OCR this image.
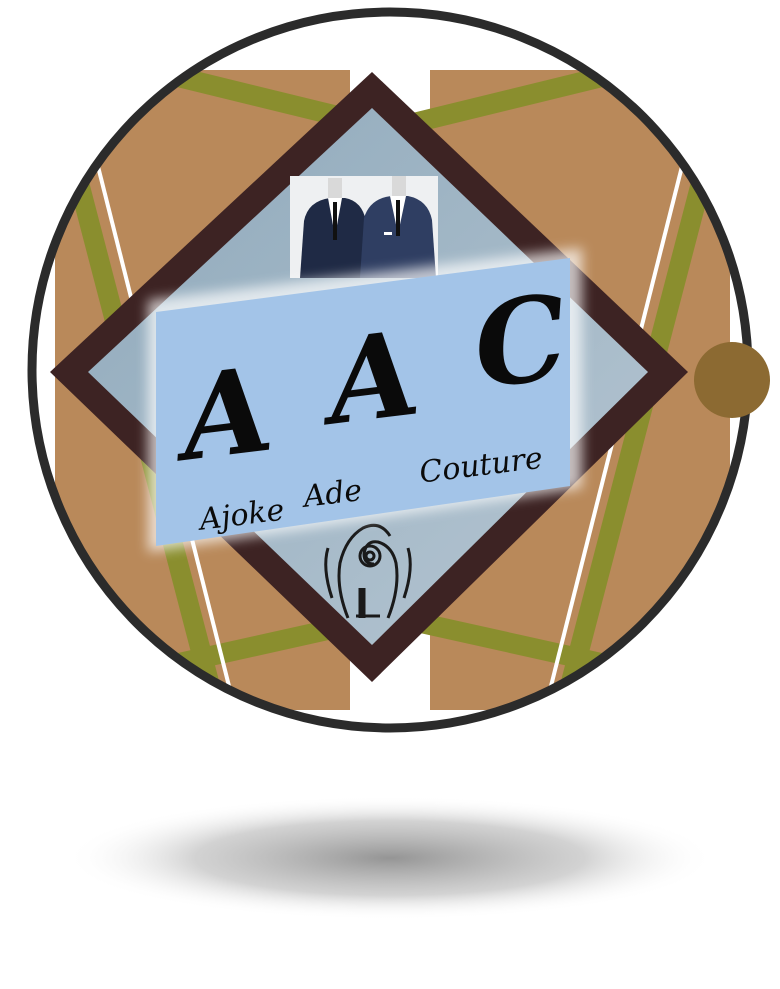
A A C
Ajoke Ade
Couture
